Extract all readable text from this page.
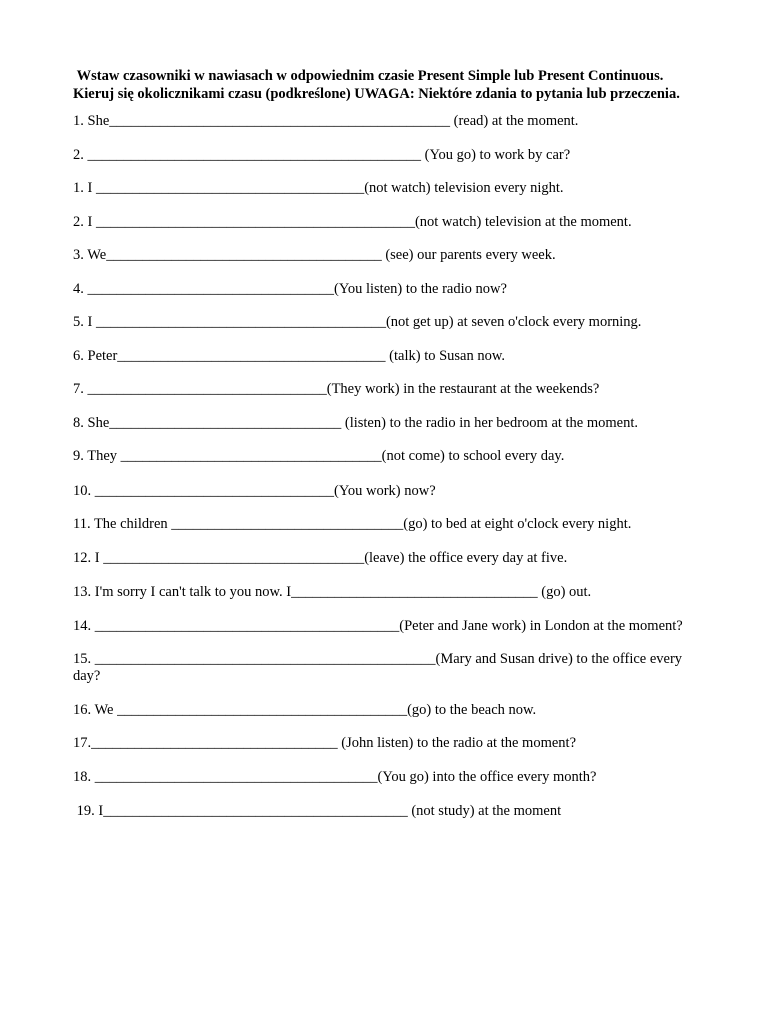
Wstaw czasowniki w nawiasach w odpowiednim czasie Present Simple lub Present Continuous. Kieruj się okolicznikami czasu (podkreślone) UWAGA: Niektóre zdania to pytania lub przeczenia.

1. She_______________________________________________ (read) at the moment.
2. ______________________________________________ (You go) to work by car?
1. I _____________________________________(not watch) television every night.
2. I ____________________________________________(not watch) television at the moment.
3. We______________________________________ (see) our parents every week.
4. __________________________________(You listen) to the radio now?
5. I ________________________________________(not get up) at seven o'clock every morning.
6. Peter_____________________________________ (talk) to Susan now.
7. _________________________________(They work) in the restaurant at the weekends?
8. She________________________________ (listen) to the radio in her bedroom at the moment.
9. They ____________________________________(not come) to school every day.
10. _________________________________(You work) now?
11. The children ________________________________(go) to bed at eight o'clock every night.
12. I ____________________________________(leave) the office every day at five.
13. I'm sorry I can't talk to you now. I__________________________________ (go) out.
14. __________________________________________(Peter and Jane work) in London at the moment?
15. _______________________________________________(Mary and Susan drive) to the office every day?
16. We ________________________________________(go) to the beach now.
17.__________________________________ (John listen) to the radio at the moment?
18. _______________________________________(You go) into the office every month?
19. I__________________________________________ (not study) at the moment
